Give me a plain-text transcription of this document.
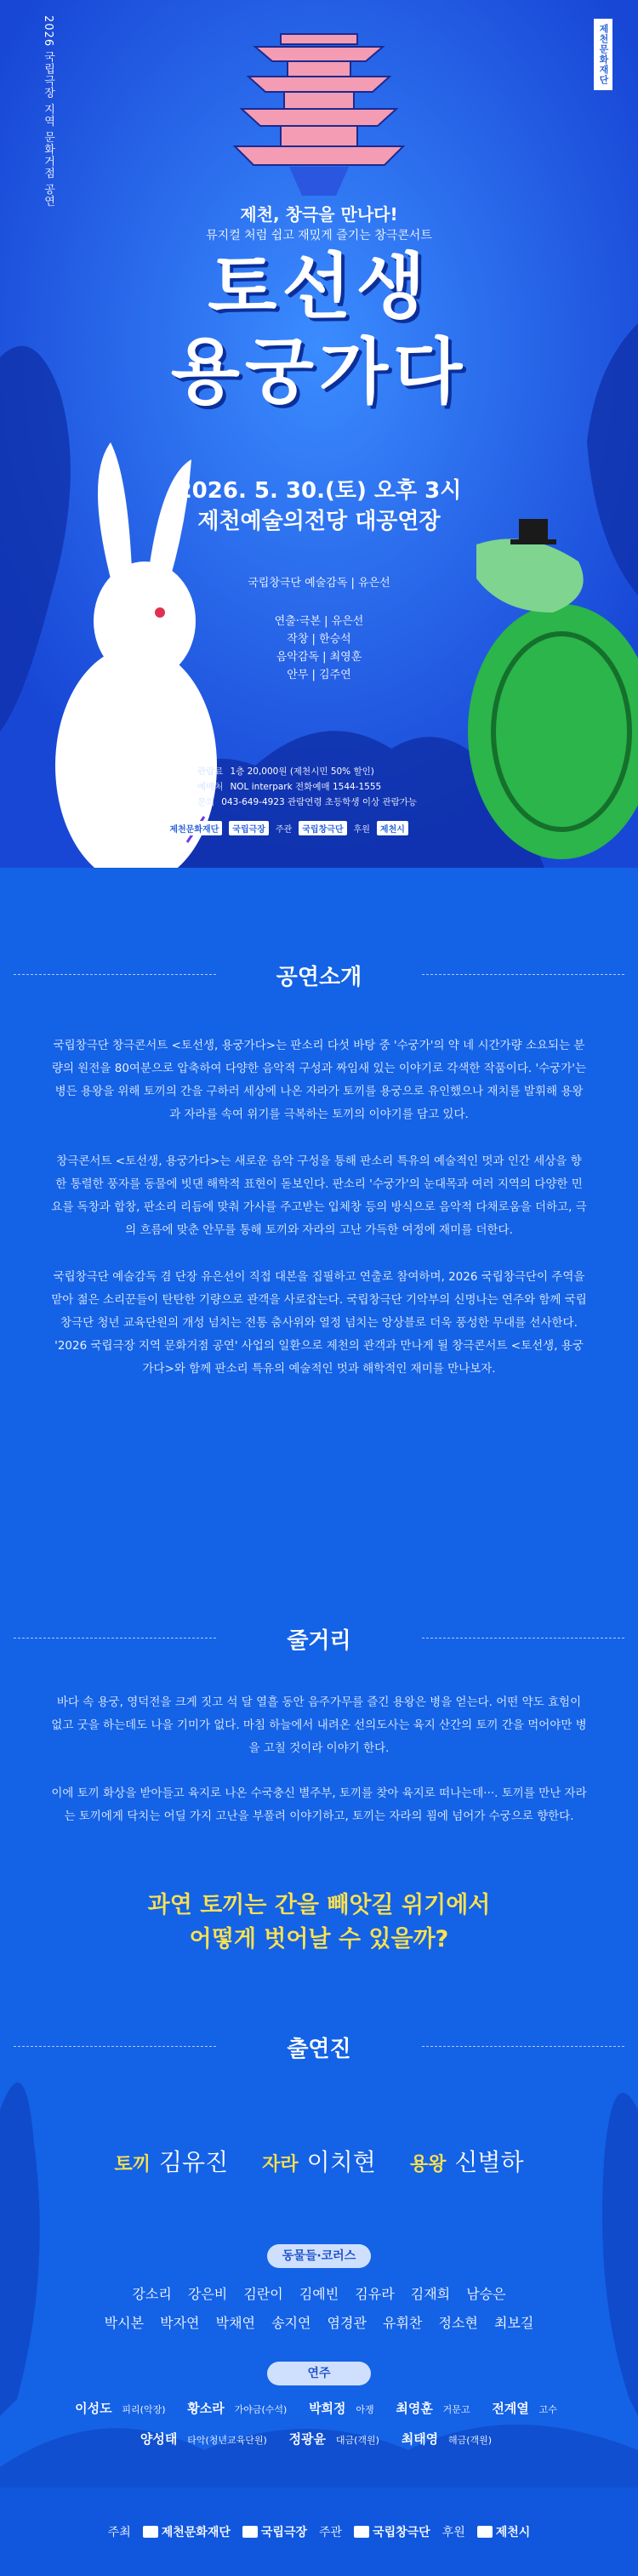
2026 국립극장 지역 문화거점 공연	제천문화재단
제천, 창극을 만나다!
뮤지컬 처럼 쉽고 재밌게 즐기는 창극콘서트
토선생
용궁가다
2026. 5. 30.(토) 오후 3시
제천예술의전당 대공연장
국립창극단 예술감독 | 유은선
연출·극본 | 유은선
작창 | 한승석
음악감독 | 최영훈
안무 | 김주연
관람료 1층 20,000원 (제천시민 50% 할인)
예매처 NOL interpark 전화예매 1544-1555
문의 043-649-4923 관람연령 초등학생 이상 관람가능
주최	제천문화재단	국립극장	주관	국립창극단	후원	제천시
공연소개

국립창극단 창극콘서트 <토선생, 용궁가다>는 판소리 다섯 바탕 중 '수궁가'의 약 네 시간가량 소요되는 분량의 원전을 80여분으로 압축하여 다양한 음악적 구성과 짜임새 있는 이야기로 각색한 작품이다. '수궁가'는 병든 용왕을 위해 토끼의 간을 구하러 세상에 나온 자라가 토끼를 용궁으로 유인했으나 재치를 발휘해 용왕과 자라를 속여 위기를 극복하는 토끼의 이야기를 담고 있다.

창극콘서트 <토선생, 용궁가다>는 새로운 음악 구성을 통해 판소리 특유의 예술적인 멋과 인간 세상을 향한 통렬한 풍자를 동물에 빗댄 해학적 표현이 돋보인다. 판소리 '수궁가'의 눈대목과 여러 지역의 다양한 민요를 독창과 합창, 판소리 리듬에 맞춰 가사를 주고받는 입체창 등의 방식으로 음악적 다채로움을 더하고, 극의 흐름에 맞춘 안무를 통해 토끼와 자라의 고난 가득한 여정에 재미를 더한다.

국립창극단 예술감독 겸 단장 유은선이 직접 대본을 집필하고 연출로 참여하며, 2026 국립창극단이 주역을 맡아 젊은 소리꾼들이 탄탄한 기량으로 관객을 사로잡는다. 국립창극단 기악부의 신명나는 연주와 함께 국립창극단 청년 교육단원의 개성 넘치는 전통 춤사위와 열정 넘치는 앙상블로 더욱 풍성한 무대를 선사한다. '2026 국립극장 지역 문화거점 공연' 사업의 일환으로 제천의 관객과 만나게 될 창극콘서트 <토선생, 용궁가다>와 함께 판소리 특유의 예술적인 멋과 해학적인 재미를 만나보자.

줄거리

바다 속 용궁, 영덕전을 크게 짓고 석 달 열흘 동안 음주가무를 즐긴 용왕은 병을 얻는다. 어떤 약도 효험이 없고 굿을 하는데도 나을 기미가 없다. 마침 하늘에서 내려온 선의도사는 육지 산간의 토끼 간을 먹어야만 병을 고칠 것이라 이야기 한다.

이에 토끼 화상을 받아들고 육지로 나온 수국충신 별주부, 토끼를 찾아 육지로 떠나는데···. 토끼를 만난 자라는 토끼에게 닥치는 어딜 가지 고난을 부풀려 이야기하고, 토끼는 자라의 꾐에 넘어가 수궁으로 향한다.

과연 토끼는 간을 빼앗길 위기에서
어떻게 벗어날 수 있을까?
출연진
토끼 김유진 자라 이치현 용왕 신별하
동물들·코러스
강소리 강은비 김란이 김예빈 김유라 김재희 남승은
박시본 박자연 박채연 송지연 염경관 유휘찬 정소현 최보길
연주
이성도 피리(악장) 황소라 가야금(수석) 박희정 아쟁 최영훈 거문고 전계열 고수
양성태 타악(청년교육단원) 정광윤 대금(객원) 최태영 해금(객원)
주최	제천문화재단	국립극장 주관	국립창극단 후원	제천시
